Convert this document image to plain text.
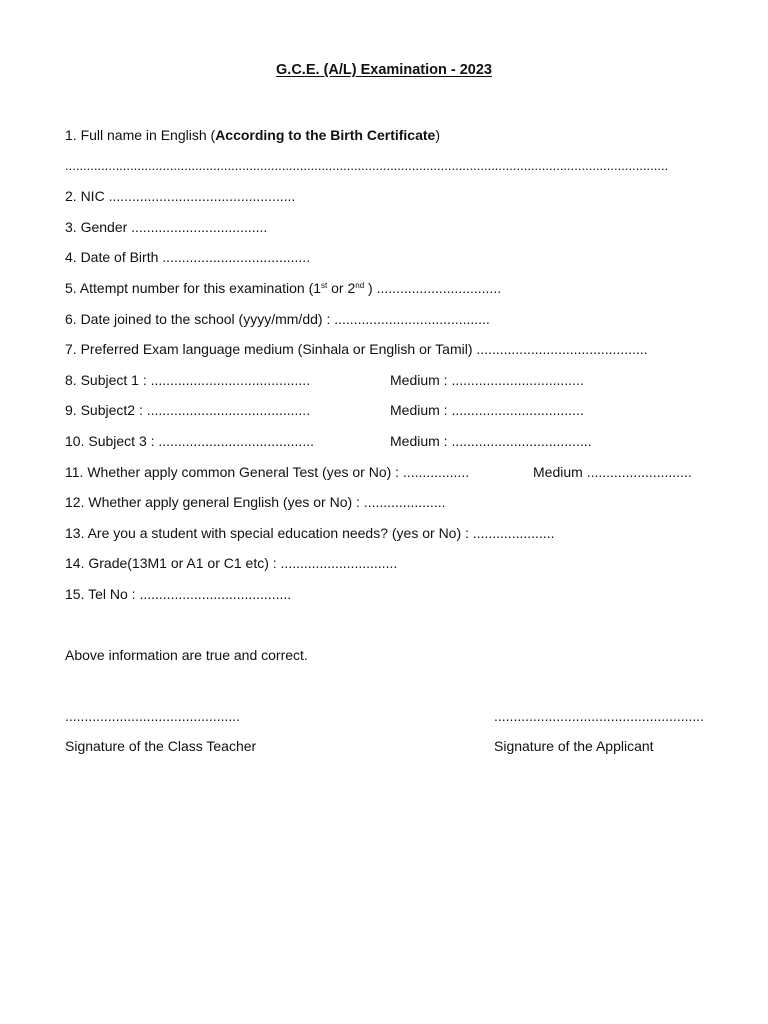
G.C.E. (A/L) Examination - 2023
1. Full name in English (According to the Birth Certificate)
.......................................................................................................................................................................
2. NIC ................................................
3. Gender ...................................
4. Date of Birth ......................................
5. Attempt number for this examination (1st or 2nd ) ................................
6. Date joined to the school (yyyy/mm/dd) : ........................................
7. Preferred Exam language medium (Sinhala or English or Tamil) ............................................
8. Subject 1 : .........................................	Medium : ..................................
9. Subject2 : ..........................................	Medium : ..................................
10. Subject 3 : ........................................	Medium : ....................................
11. Whether apply common General Test (yes or No) : .................	Medium ...........................
12. Whether apply general English (yes or No) : .....................
13. Are you a student with special education needs? (yes or No) : .....................
14. Grade(13M1 or A1 or C1 etc) : ..............................
15. Tel No : .......................................
Above information are true and correct.
.............................................	......................................................
Signature of the Class Teacher	Signature of the Applicant
